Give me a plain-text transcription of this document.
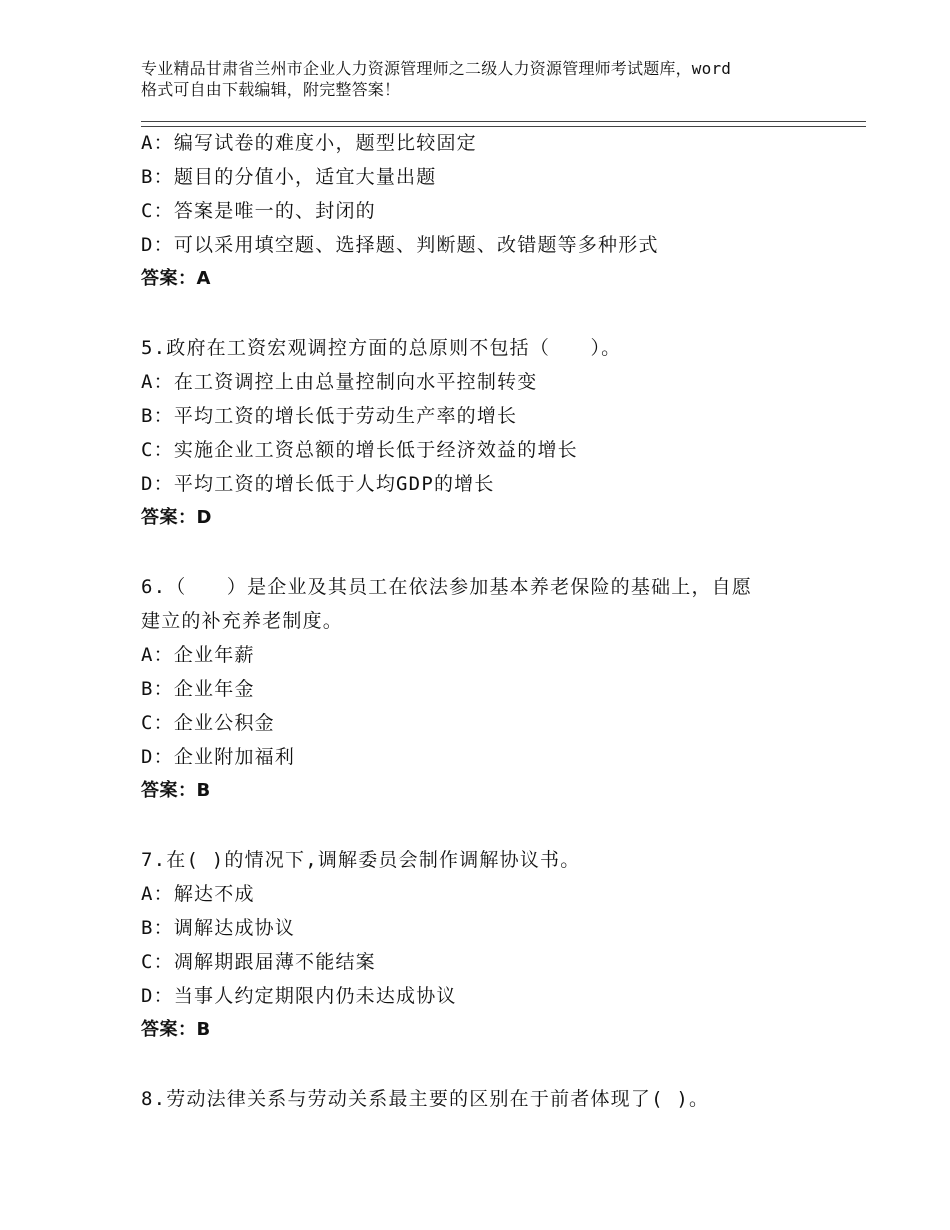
专业精品甘肃省兰州市企业人力资源管理师之二级人力资源管理师考试题库，word
格式可自由下载编辑，附完整答案！
A：编写试卷的难度小，题型比较固定
B：题目的分值小，适宜大量出题
C：答案是唯一的、封闭的
D：可以采用填空题、选择题、判断题、改错题等多种形式
答案：A
5.政府在工资宏观调控方面的总原则不包括（　　）。
A：在工资调控上由总量控制向水平控制转变
B：平均工资的增长低于劳动生产率的增长
C：实施企业工资总额的增长低于经济效益的增长
D：平均工资的增长低于人均GDP的增长
答案：D
6.（　　）是企业及其员工在依法参加基本养老保险的基础上，自愿
建立的补充养老制度。
A：企业年薪
B：企业年金
C：企业公积金
D：企业附加福利
答案：B
7.在( )的情况下,调解委员会制作调解协议书。
A：解达不成
B：调解达成协议
C：凋解期跟届薄不能结案
D：当事人约定期限内仍未达成协议
答案：B
8.劳动法律关系与劳动关系最主要的区别在于前者体现了( )。
